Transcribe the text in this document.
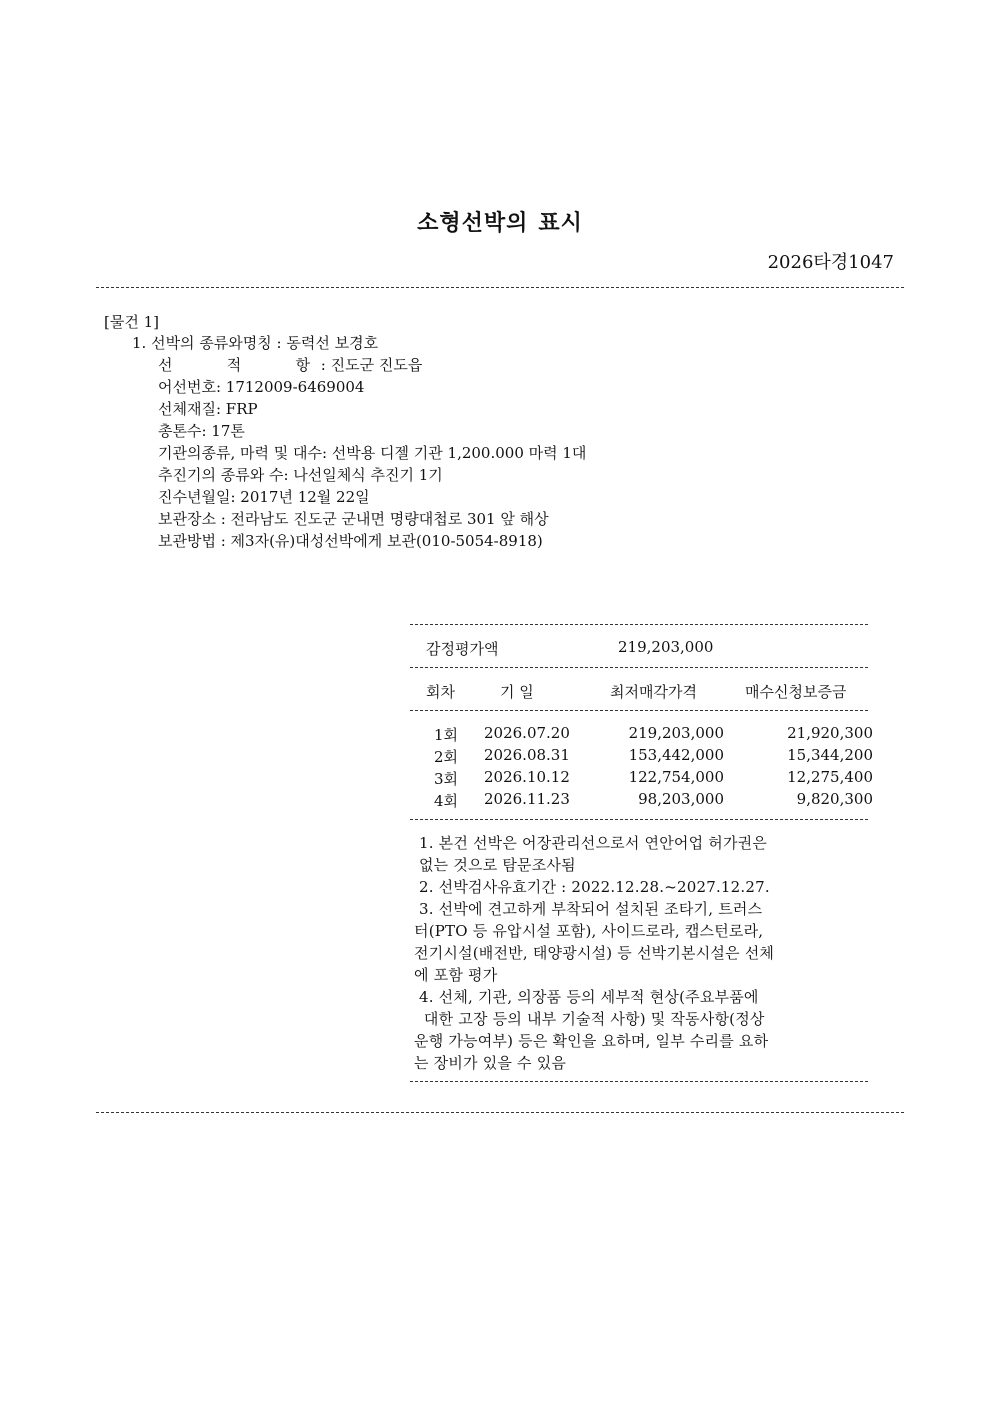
소형선박의 표시
2026타경1047
[물건 1]
1. 선박의 종류와명칭 : 동력선 보경호
선	적	항 : 진도군 진도읍
어선번호: 1712009-6469004
선체재질: FRP
총톤수: 17톤
기관의종류, 마력 및 대수: 선박용 디젤 기관 1,200.000 마력 1대
추진기의 종류와 수: 나선일체식 추진기 1기
진수년월일: 2017년 12월 22일
보관장소 : 전라남도 진도군 군내면 명량대첩로 301 앞 해상
보관방법 : 제3자(유)대성선박에게 보관(010-5054-8918)
감정평가액	219,203,000
회차	기 일	최저매각가격	매수신청보증금
1회 2026.07.20	219,203,000	21,920,300
2회 2026.08.31	153,442,000	15,344,200
3회 2026.10.12	122,754,000	12,275,400
4회 2026.11.23	98,203,000	9,820,300
1. 본건 선박은 어장관리선으로서 연안어업 허가권은
없는 것으로 탐문조사됨
2. 선박검사유효기간 : 2022.12.28.~2027.12.27.
3. 선박에 견고하게 부착되어 설치된 조타기, 트러스
터(PTO 등 유압시설 포함), 사이드로라, 캡스턴로라,
전기시설(배전반, 태양광시설) 등 선박기본시설은 선체
에 포함 평가
4. 선체, 기관, 의장품 등의 세부적 현상(주요부품에
대한 고장 등의 내부 기술적 사항) 및 작동사항(정상
운행 가능여부) 등은 확인을 요하며, 일부 수리를 요하
는 장비가 있을 수 있음
